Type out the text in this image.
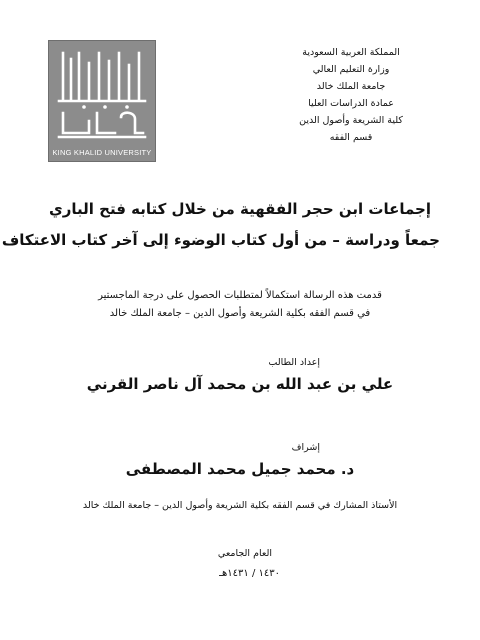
المملكة العربية السعودية
وزارة التعليم العالي
جامعة الملك خالد
عمادة الدراسات العليا
كلية الشريعة وأصول الدين
قسم الفقه
KING KHALID UNIVERSITY
إجماعات ابن حجر الفقهية من خلال كتابه فتح الباري
جمعاً ودراسة – من أول كتاب الوضوء إلى آخر كتاب الاعتكاف
قدمت هذه الرسالة استكمالاً لمتطلبات الحصول على درجة الماجستير
في قسم الفقه بكلية الشريعة وأصول الدين – جامعة الملك خالد
إعداد الطالب
علي بن عبد الله بن محمد آل ناصر القرني
إشراف
د. محمد جميل محمد المصطفى
الأستاذ المشارك في قسم الفقه بكلية الشريعة وأصول الدين – جامعة الملك خالد
العام الجامعي
١٤٣٠ / ١٤٣١هـ
